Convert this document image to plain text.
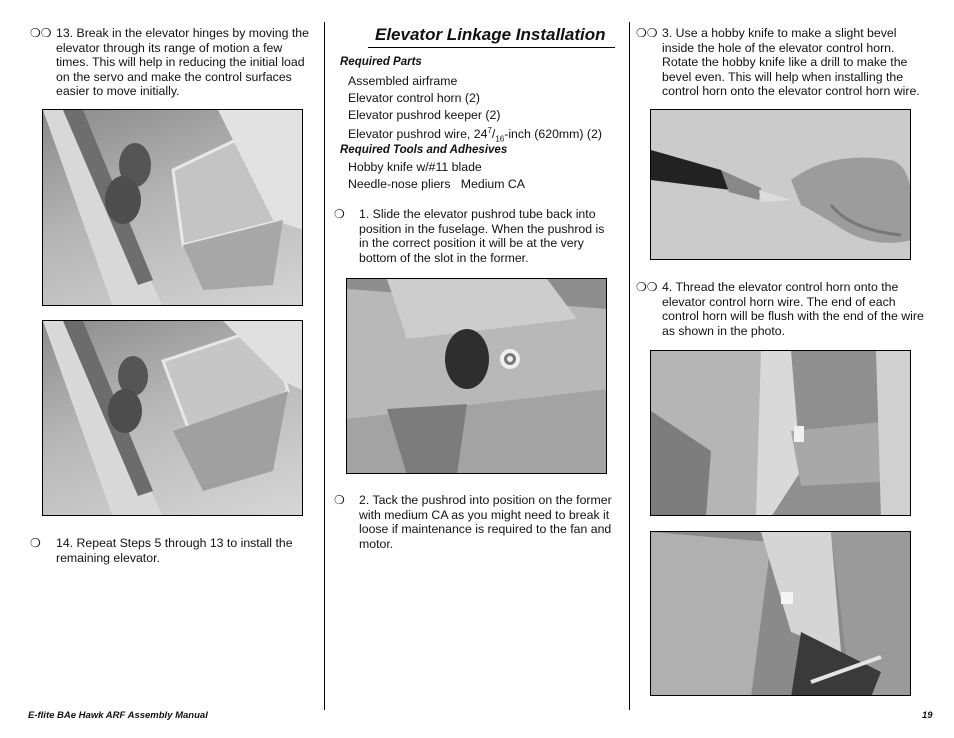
❍❍ 13. Break in the elevator hinges by moving the elevator through its range of motion a few times. This will help in reducing the initial load on the servo and make the control surfaces easier to move initially.
❍ 14. Repeat Steps 5 through 13 to install the remaining elevator.
Elevator Linkage Installation
Required Parts
Assembled airframe
Elevator control horn (2)
Elevator pushrod keeper (2)
Elevator pushrod wire, $24^7/_{16}$-inch (620mm) (2)
Required Tools and Adhesives
Hobby knife w/#11 blade
Needle-nose pliers   Medium CA
❍ 1. Slide the elevator pushrod tube back into position in the fuselage. When the pushrod is in the correct position it will be at the very bottom of the slot in the former.
❍ 2. Tack the pushrod into position on the former with medium CA as you might need to break it loose if maintenance is required to the fan and motor.
❍❍ 3. Use a hobby knife to make a slight bevel inside the hole of the elevator control horn. Rotate the hobby knife like a drill to make the bevel even. This will help when installing the control horn onto the elevator control horn wire.
❍❍ 4. Thread the elevator control horn onto the elevator control horn wire. The end of each control horn will be flush with the end of the wire as shown in the photo.
E-flite BAe Hawk ARF Assembly Manual	19
